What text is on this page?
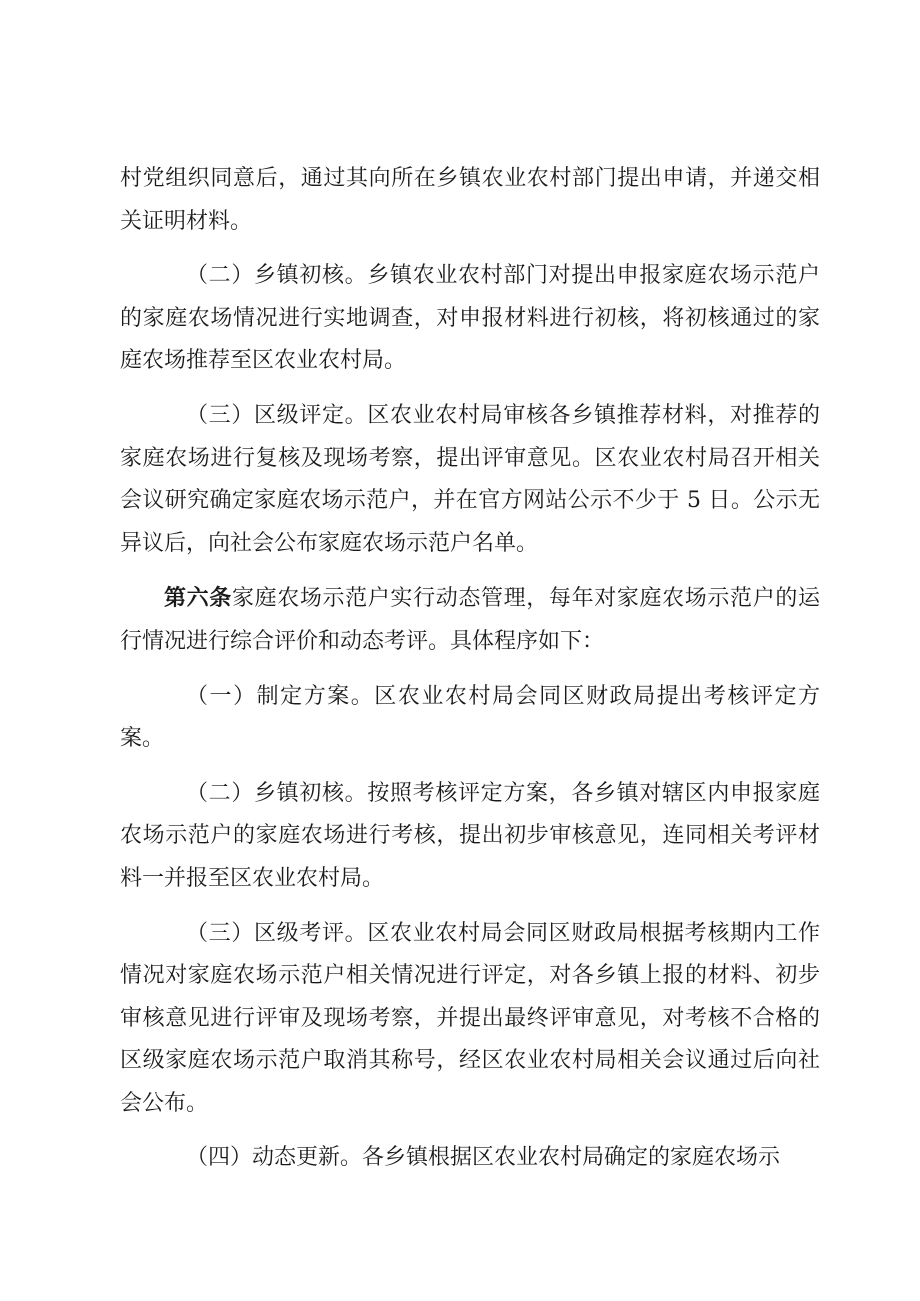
村党组织同意后，通过其向所在乡镇农业农村部门提出申请，并递交相关证明材料。

（二）乡镇初核。乡镇农业农村部门对提出申报家庭农场示范户的家庭农场情况进行实地调查，对申报材料进行初核，将初核通过的家庭农场推荐至区农业农村局。

（三）区级评定。区农业农村局审核各乡镇推荐材料，对推荐的家庭农场进行复核及现场考察，提出评审意见。区农业农村局召开相关会议研究确定家庭农场示范户，并在官方网站公示不少于 5 日。公示无异议后，向社会公布家庭农场示范户名单。

第六条家庭农场示范户实行动态管理，每年对家庭农场示范户的运行情况进行综合评价和动态考评。具体程序如下：

（一）制定方案。区农业农村局会同区财政局提出考核评定方案。

（二）乡镇初核。按照考核评定方案，各乡镇对辖区内申报家庭农场示范户的家庭农场进行考核，提出初步审核意见，连同相关考评材料一并报至区农业农村局。

（三）区级考评。区农业农村局会同区财政局根据考核期内工作情况对家庭农场示范户相关情况进行评定，对各乡镇上报的材料、初步审核意见进行评审及现场考察，并提出最终评审意见，对考核不合格的区级家庭农场示范户取消其称号，经区农业农村局相关会议通过后向社会公布。

（四）动态更新。各乡镇根据区农业农村局确定的家庭农场示
